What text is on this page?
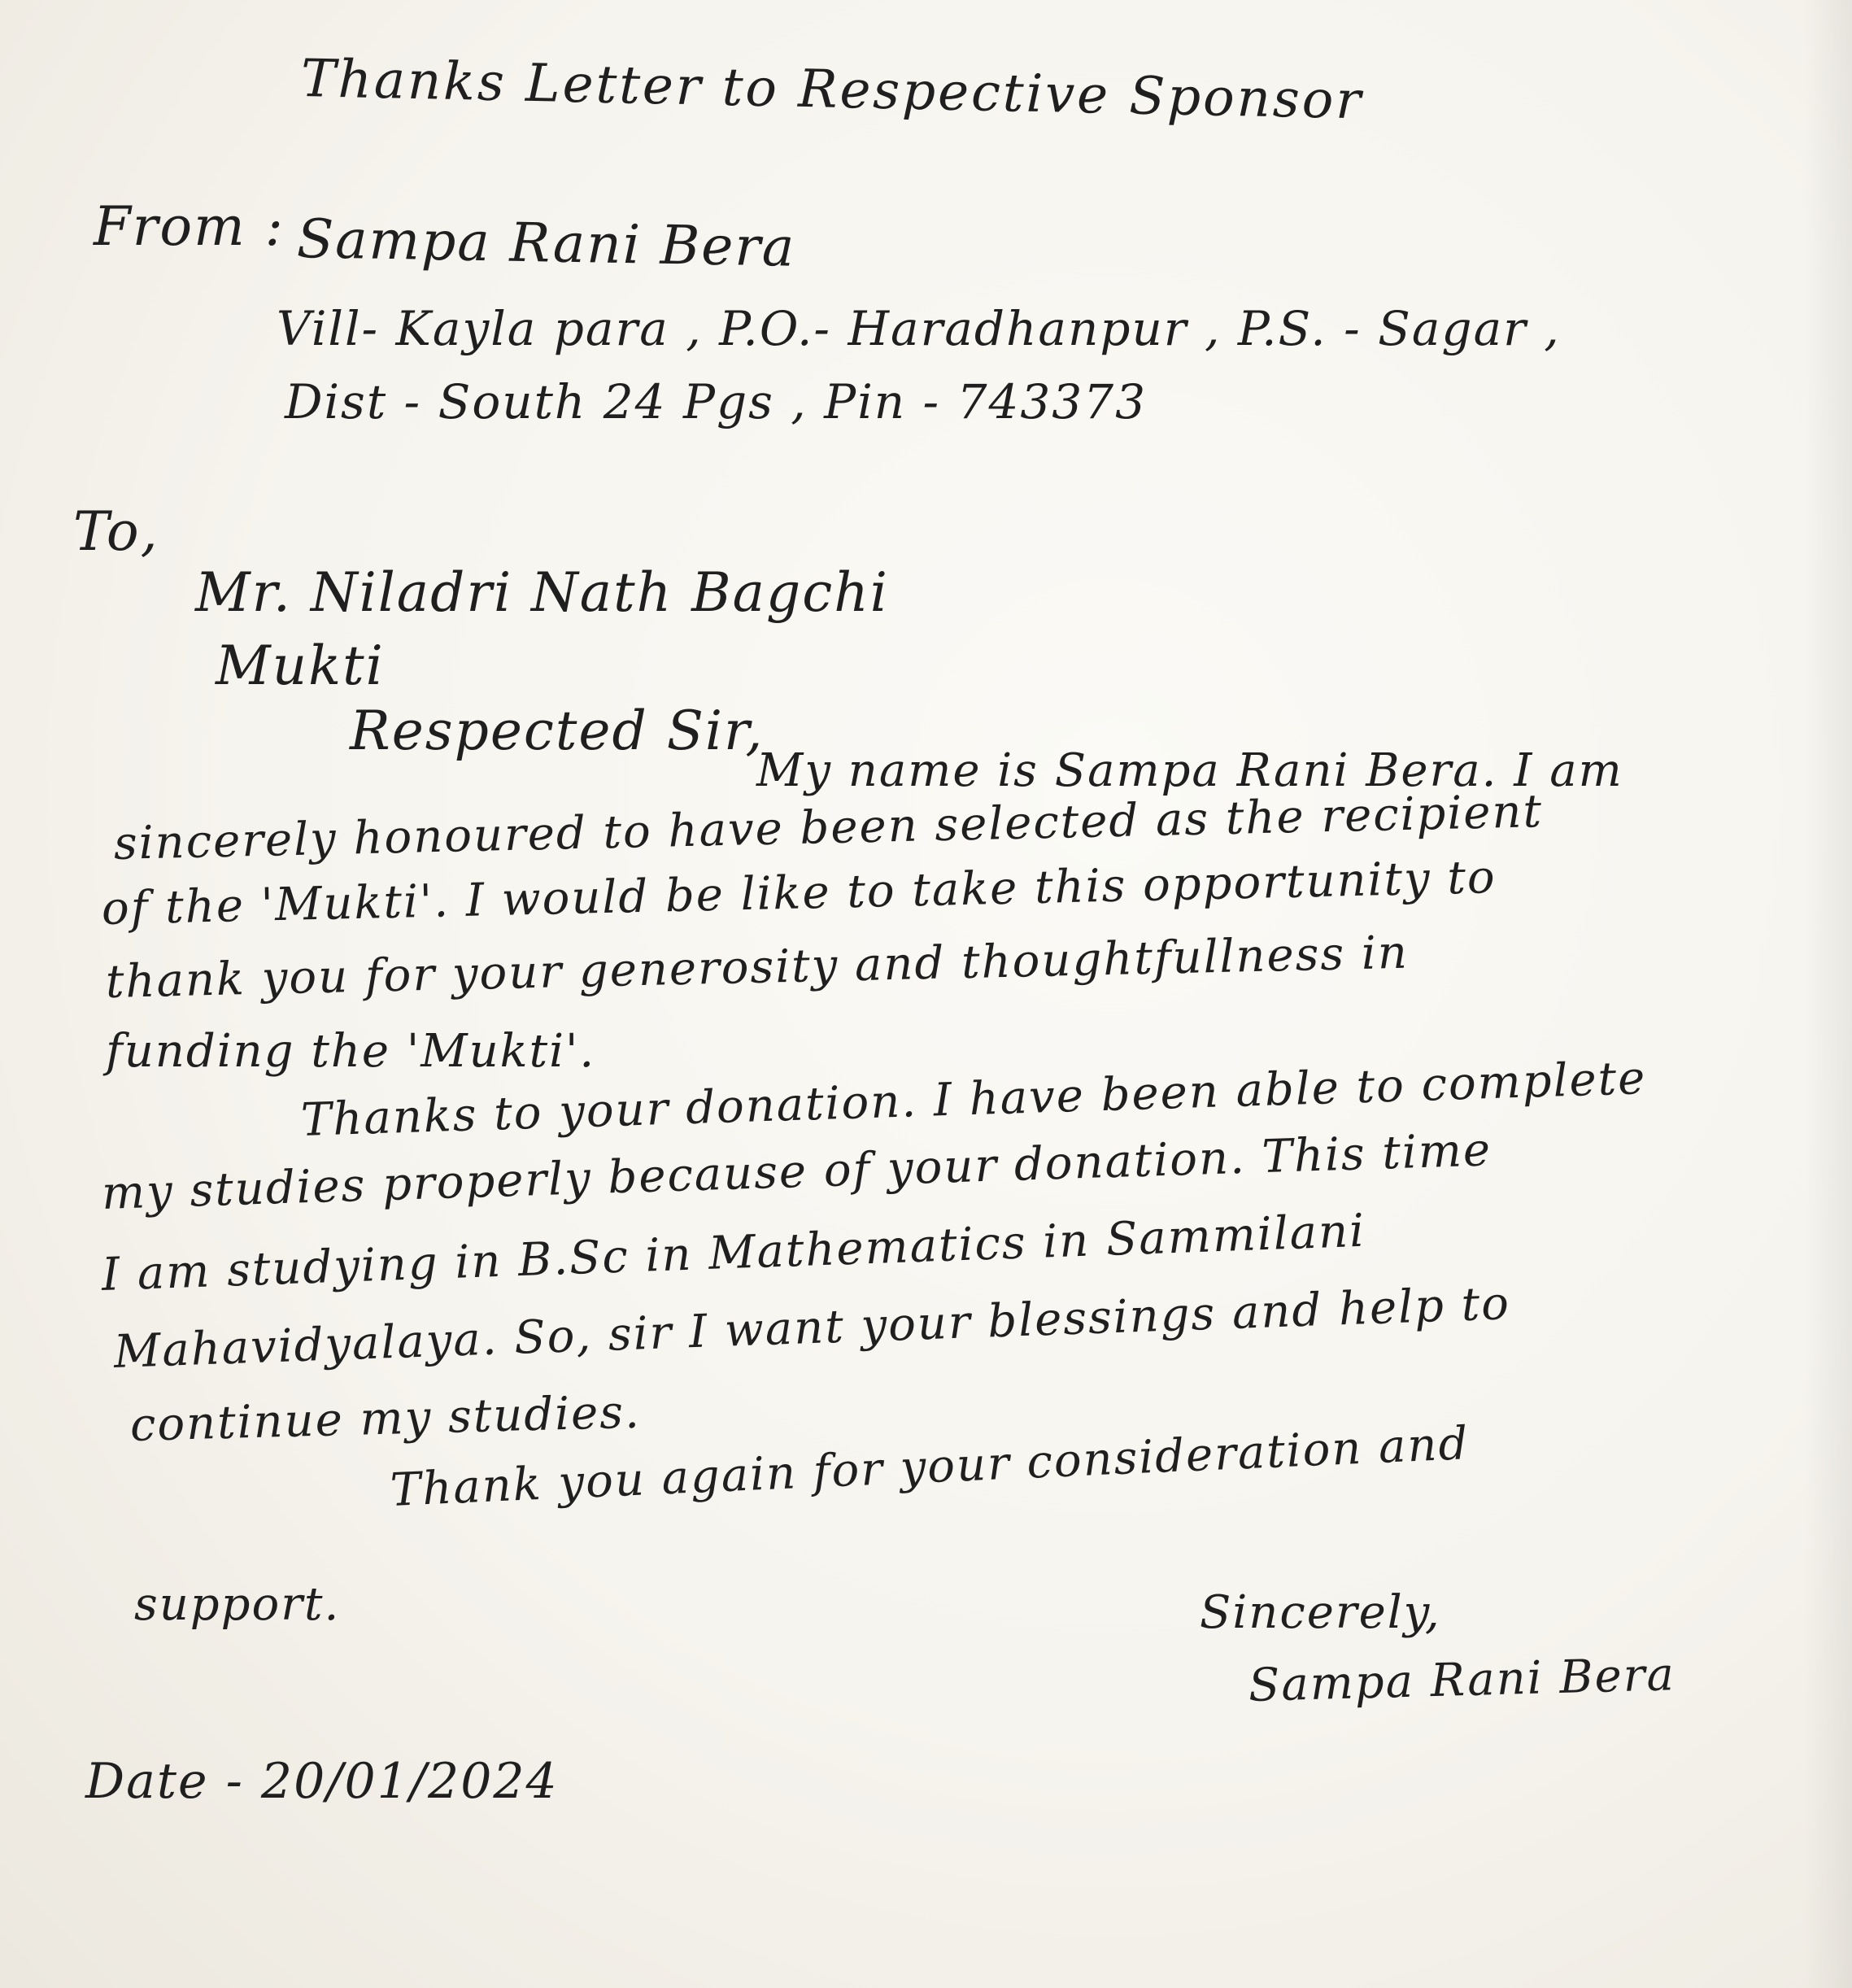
Thanks Letter to Respective Sponsor
From : Sampa Rani Bera
Vill- Kayla para , P.O.- Haradhanpur , P.S. - Sagar ,
Dist - South 24 Pgs , Pin - 743373
To,
Mr. Niladri Nath Bagchi
Mukti
Respected Sir,
My name is Sampa Rani Bera. I am
sincerely honoured to have been selected as the recipient
of the 'Mukti'. I would be like to take this opportunity to
thank you for your generosity and thoughtfullness in
funding the 'Mukti'.
Thanks to your donation. I have been able to complete
my studies properly because of your donation. This time
I am studying in B.Sc in Mathematics in Sammilani
Mahavidyalaya. So, sir I want your blessings and help to
continue my studies.
Thank you again for your consideration and
support.	Sincerely,
Sampa Rani Bera
Date - 20/01/2024
